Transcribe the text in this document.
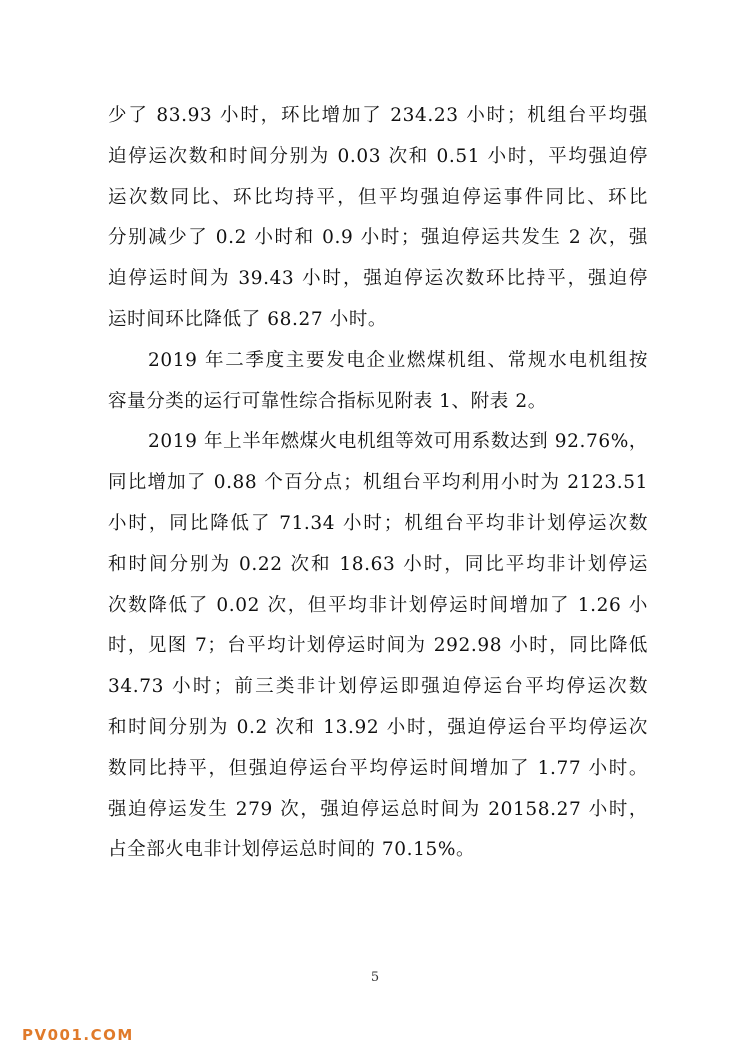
少了 83.93 小时，环比增加了 234.23 小时；机组台平均强
迫停运次数和时间分别为 0.03 次和 0.51 小时，平均强迫停
运次数同比、环比均持平，但平均强迫停运事件同比、环比
分别减少了 0.2 小时和 0.9 小时；强迫停运共发生 2 次，强
迫停运时间为 39.43 小时，强迫停运次数环比持平，强迫停
运时间环比降低了 68.27 小时。
2019 年二季度主要发电企业燃煤机组、常规水电机组按
容量分类的运行可靠性综合指标见附表 1、附表 2。
2019 年上半年燃煤火电机组等效可用系数达到 92.76%，
同比增加了 0.88 个百分点；机组台平均利用小时为 2123.51
小时，同比降低了 71.34 小时；机组台平均非计划停运次数
和时间分别为 0.22 次和 18.63 小时，同比平均非计划停运
次数降低了 0.02 次，但平均非计划停运时间增加了 1.26 小
时，见图 7；台平均计划停运时间为 292.98 小时，同比降低
34.73 小时；前三类非计划停运即强迫停运台平均停运次数
和时间分别为 0.2 次和 13.92 小时，强迫停运台平均停运次
数同比持平，但强迫停运台平均停运时间增加了 1.77 小时。
强迫停运发生 279 次，强迫停运总时间为 20158.27 小时，
占全部火电非计划停运总时间的 70.15%。
5
PV001.COM
